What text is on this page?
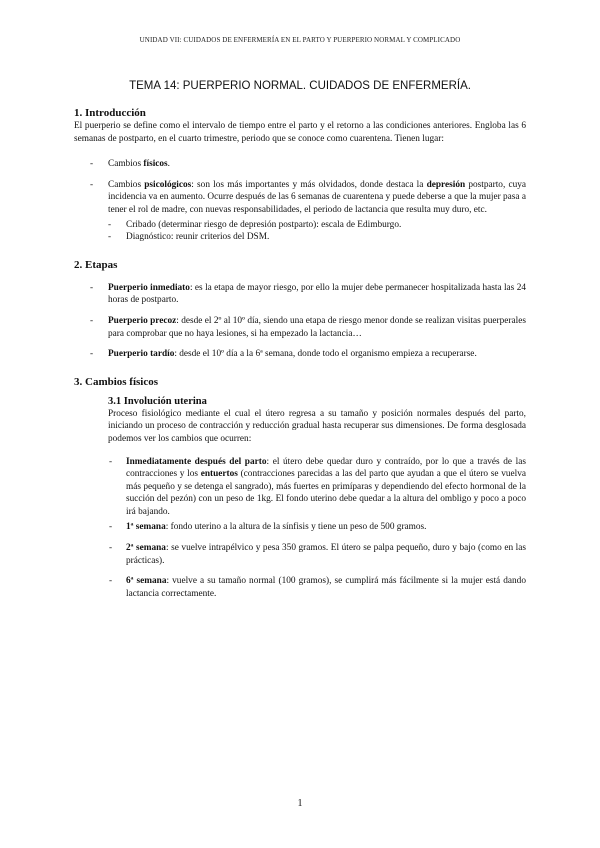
UNIDAD VII: CUIDADOS DE ENFERMERÍA EN EL PARTO Y PUERPERIO NORMAL Y COMPLICADO
TEMA 14: PUERPERIO NORMAL. CUIDADOS DE ENFERMERÍA.
1. Introducción

El puerperio se define como el intervalo de tiempo entre el parto y el retorno a las condiciones anteriores. Engloba las 6 semanas de postparto, en el cuarto trimestre, periodo que se conoce como cuarentena. Tienen lugar:

- Cambios físicos.
- Cambios psicológicos: son los más importantes y más olvidados, donde destaca la depresión postparto, cuya incidencia va en aumento. Ocurre después de las 6 semanas de cuarentena y puede deberse a que la mujer pasa a tener el rol de madre, con nuevas responsabilidades, el periodo de lactancia que resulta muy duro, etc.
- Cribado (determinar riesgo de depresión postparto): escala de Edimburgo.
- Diagnóstico: reunir criterios del DSM.
2. Etapas
- Puerperio inmediato: es la etapa de mayor riesgo, por ello la mujer debe permanecer hospitalizada hasta las 24 horas de postparto.
- Puerperio precoz: desde el 2º al 10º día, siendo una etapa de riesgo menor donde se realizan visitas puerperales para comprobar que no haya lesiones, si ha empezado la lactancia…
- Puerperio tardío: desde el 10º día a la 6ª semana, donde todo el organismo empieza a recuperarse.
3. Cambios físicos
3.1 Involución uterina

Proceso fisiológico mediante el cual el útero regresa a su tamaño y posición normales después del parto, iniciando un proceso de contracción y reducción gradual hasta recuperar sus dimensiones. De forma desglosada podemos ver los cambios que ocurren:

- Inmediatamente después del parto: el útero debe quedar duro y contraído, por lo que a través de las contracciones y los entuertos (contracciones parecidas a las del parto que ayudan a que el útero se vuelva más pequeño y se detenga el sangrado), más fuertes en primíparas y dependiendo del efecto hormonal de la succión del pezón) con un peso de 1kg. El fondo uterino debe quedar a la altura del ombligo y poco a poco irá bajando.
- 1ª semana: fondo uterino a la altura de la sínfisis y tiene un peso de 500 gramos.
- 2ª semana: se vuelve intrapélvico y pesa 350 gramos. El útero se palpa pequeño, duro y bajo (como en las prácticas).
- 6ª semana: vuelve a su tamaño normal (100 gramos), se cumplirá más fácilmente si la mujer está dando lactancia correctamente.
1
